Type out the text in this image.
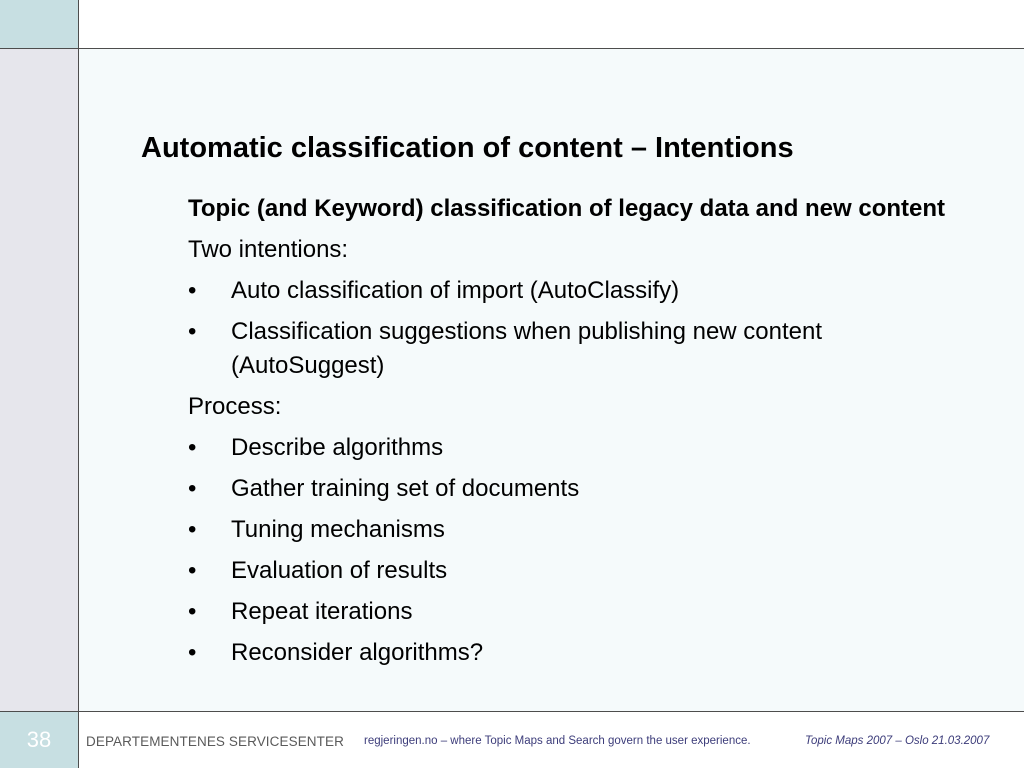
Automatic classification of content – Intentions
Topic (and Keyword) classification of legacy data and new content
Two intentions:
• Auto classification of import (AutoClassify)
• Classification suggestions when publishing new content (AutoSuggest)
Process:
• Describe algorithms
• Gather training set of documents
• Tuning mechanisms
• Evaluation of results
• Repeat iterations
• Reconsider algorithms?
38	DEPARTEMENTENES SERVICESENTER regjeringen.no – where Topic Maps and Search govern the user experience.	Topic Maps 2007 – Oslo 21.03.2007
